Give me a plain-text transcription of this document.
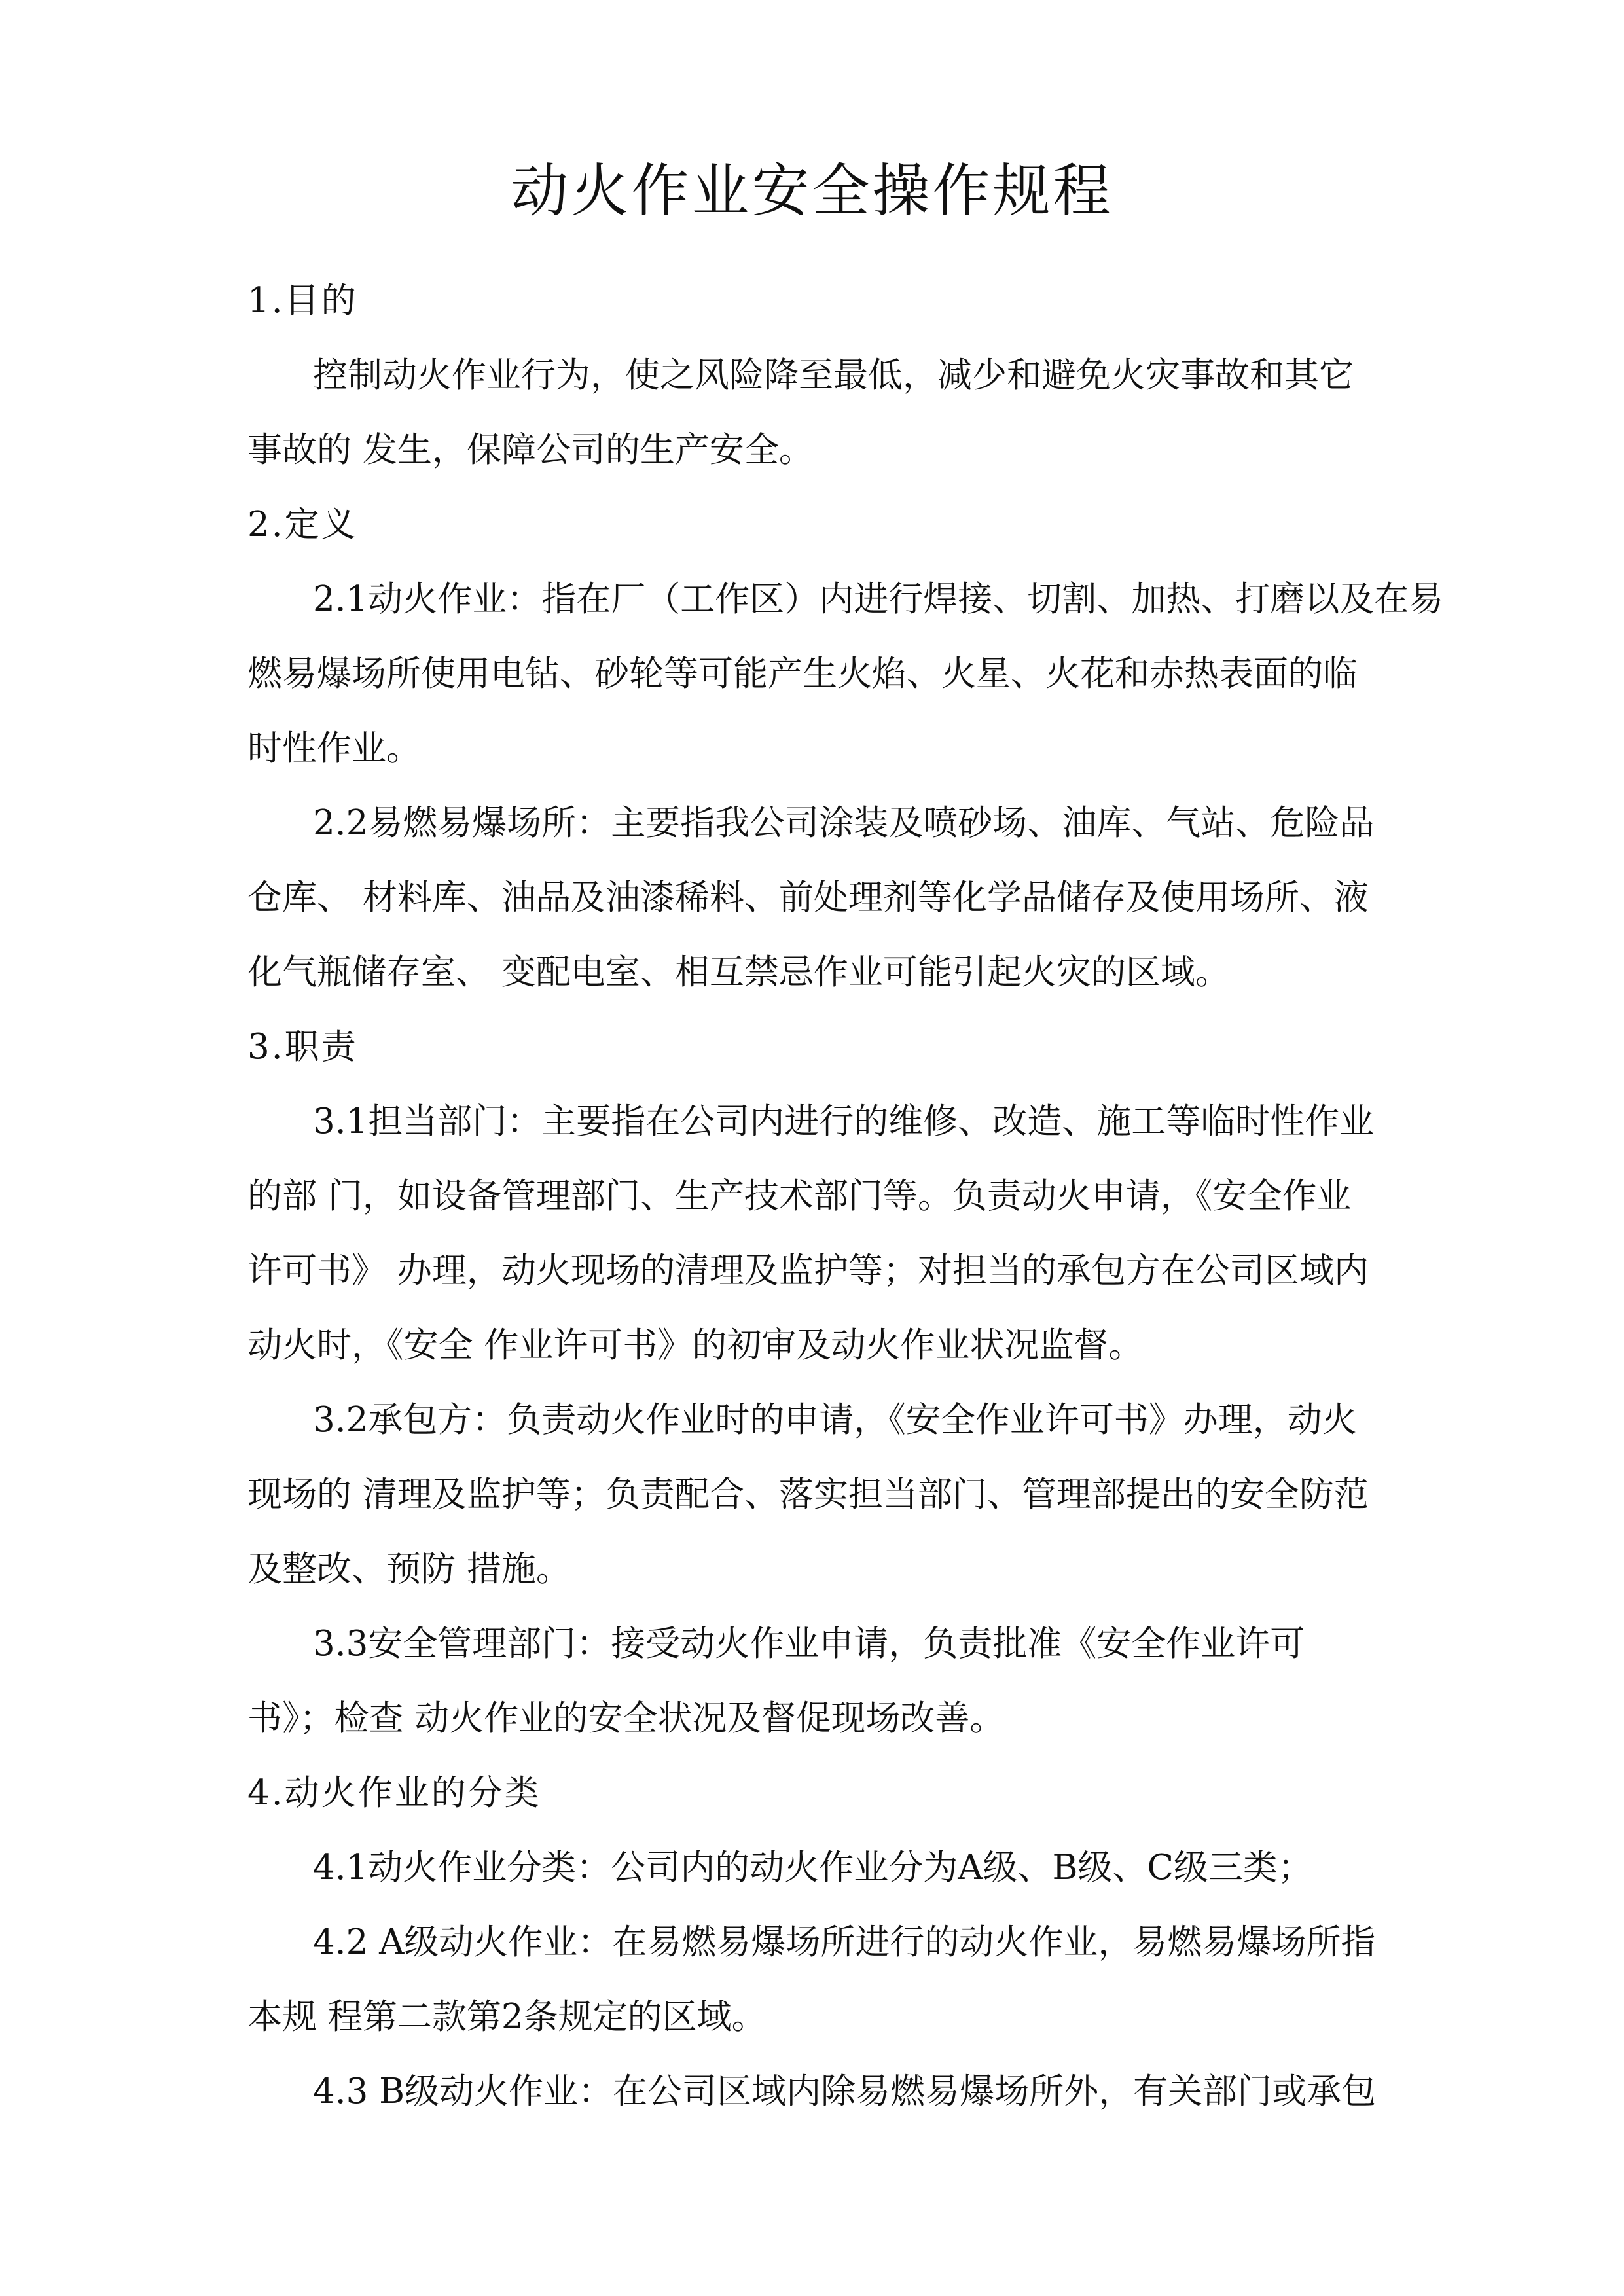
动火作业安全操作规程

1.目的

控制动火作业行为，使之风险降至最低，减少和避免火灾事故和其它

事故的 发生，保障公司的生产安全。

2.定义

2.1动火作业：指在厂（工作区）内进行焊接、切割、加热、打磨以及在易

燃易爆场所使用电钻、砂轮等可能产生火焰、火星、火花和赤热表面的临

时性作业。

2.2易燃易爆场所：主要指我公司涂装及喷砂场、油库、气站、危险品

仓库、 材料库、油品及油漆稀料、前处理剂等化学品储存及使用场所、液

化气瓶储存室、 变配电室、相互禁忌作业可能引起火灾的区域。

3.职责

3.1担当部门：主要指在公司内进行的维修、改造、施工等临时性作业

的部 门，如设备管理部门、生产技术部门等。负责动火申请，《安全作业

许可书》 办理，动火现场的清理及监护等；对担当的承包方在公司区域内

动火时，《安全 作业许可书》的初审及动火作业状况监督。

3.2承包方：负责动火作业时的申请，《安全作业许可书》办理，动火

现场的 清理及监护等；负责配合、落实担当部门、管理部提出的安全防范

及整改、预防 措施。

3.3安全管理部门：接受动火作业申请，负责批准《安全作业许可

书》；检查 动火作业的安全状况及督促现场改善。

4.动火作业的分类

4.1动火作业分类：公司内的动火作业分为A级、B级、C级三类；

4.2 A级动火作业：在易燃易爆场所进行的动火作业，易燃易爆场所指

本规 程第二款第2条规定的区域。

4.3 B级动火作业：在公司区域内除易燃易爆场所外，有关部门或承包
